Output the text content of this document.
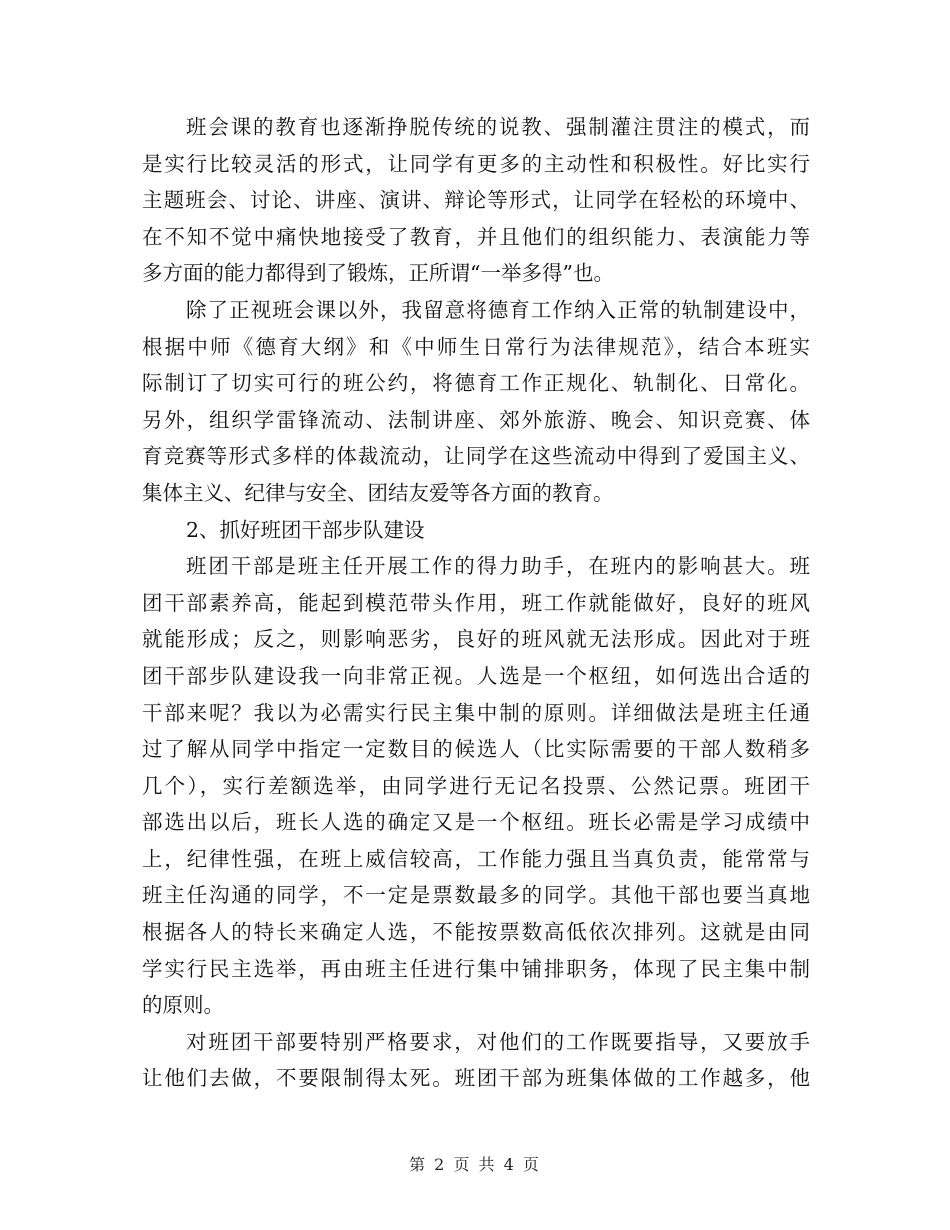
班会课的教育也逐渐挣脱传统的说教、强制灌注贯注的模式，而
是实行比较灵活的形式，让同学有更多的主动性和积极性。好比实行
主题班会、讨论、讲座、演讲、辩论等形式，让同学在轻松的环境中、
在不知不觉中痛快地接受了教育，并且他们的组织能力、表演能力等
多方面的能力都得到了锻炼，正所谓“一举多得”也。
除了正视班会课以外，我留意将德育工作纳入正常的轨制建设中，
根据中师《德育大纲》和《中师生日常行为法律规范》，结合本班实
际制订了切实可行的班公约，将德育工作正规化、轨制化、日常化。
另外，组织学雷锋流动、法制讲座、郊外旅游、晚会、知识竞赛、体
育竞赛等形式多样的体裁流动，让同学在这些流动中得到了爱国主义、
集体主义、纪律与安全、团结友爱等各方面的教育。
2、抓好班团干部步队建设
班团干部是班主任开展工作的得力助手，在班内的影响甚大。班
团干部素养高，能起到模范带头作用，班工作就能做好，良好的班风
就能形成；反之，则影响恶劣，良好的班风就无法形成。因此对于班
团干部步队建设我一向非常正视。人选是一个枢纽，如何选出合适的
干部来呢？我以为必需实行民主集中制的原则。详细做法是班主任通
过了解从同学中指定一定数目的候选人（比实际需要的干部人数稍多
几个），实行差额选举，由同学进行无记名投票、公然记票。班团干
部选出以后，班长人选的确定又是一个枢纽。班长必需是学习成绩中
上，纪律性强，在班上威信较高，工作能力强且当真负责，能常常与
班主任沟通的同学，不一定是票数最多的同学。其他干部也要当真地
根据各人的特长来确定人选，不能按票数高低依次排列。这就是由同
学实行民主选举，再由班主任进行集中铺排职务，体现了民主集中制
的原则。
对班团干部要特别严格要求，对他们的工作既要指导，又要放手
让他们去做，不要限制得太死。班团干部为班集体做的工作越多，他
第 2 页 共 4 页
